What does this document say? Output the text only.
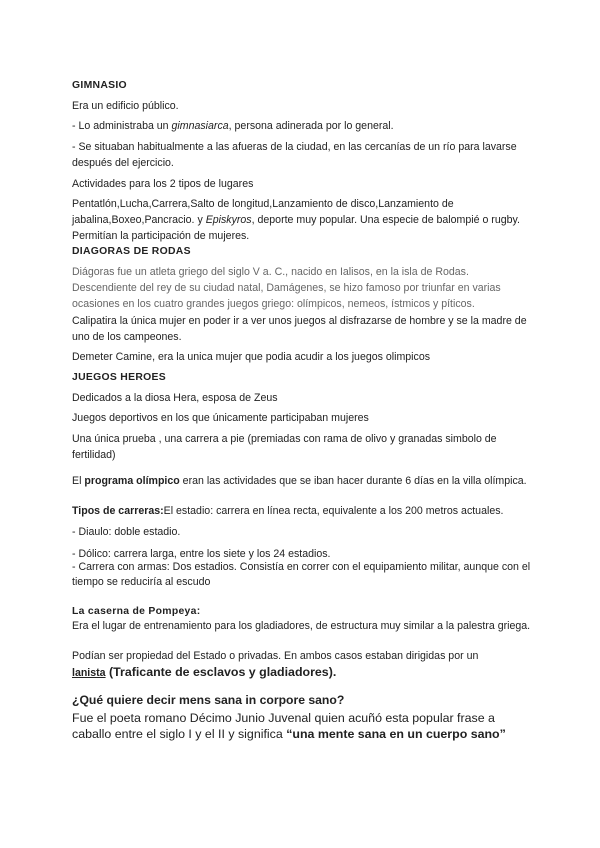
GIMNASIO
Era un edificio público.
- Lo administraba un gimnasiarca, persona adinerada por lo general.
- Se situaban habitualmente a las afueras de la ciudad, en las cercanías de un río para lavarse después del ejercicio.
Actividades para los 2 tipos de lugares
Pentatlón,Lucha,Carrera,Salto de longitud,Lanzamiento de disco,Lanzamiento de jabalina,Boxeo,Pancracio. y Episkyros, deporte muy popular. Una especie de balompié o rugby. Permitían la participación de mujeres.
DIAGORAS DE RODAS
Diágoras fue un atleta griego del siglo V a. C., nacido en Ialisos, en la isla de Rodas. Descendiente del rey de su ciudad natal, Damágenes, se hizo famoso por triunfar en varias ocasiones en los cuatro grandes juegos griego: olímpicos, nemeos, ístmicos y píticos.
Calipatira la única mujer en poder ir a ver unos juegos al disfrazarse de hombre y se la madre de uno de los campeones.
Demeter Camine, era la unica mujer que podia acudir a los juegos olimpicos
JUEGOS HEROES
Dedicados a la diosa Hera, esposa de Zeus
Juegos deportivos en los que únicamente participaban mujeres
Una única prueba , una carrera a pie (premiadas con rama de olivo y granadas simbolo de fertilidad)
El programa olímpico eran las actividades que se iban hacer durante 6 días en la villa olímpica.
Tipos de carreras:El estadio: carrera en línea recta, equivalente a los 200 metros actuales.
- Diaulo: doble estadio.
- Dólico: carrera larga, entre los siete y los 24 estadios.
- Carrera con armas: Dos estadios. Consistía en correr con el equipamiento militar, aunque con el tiempo se reduciría al escudo
La caserna de Pompeya:
Era el lugar de entrenamiento para los gladiadores, de estructura muy similar a la palestra griega.
Podían ser propiedad del Estado o privadas. En ambos casos estaban dirigidas por un
lanista (Traficante de esclavos y gladiadores).
¿Qué quiere decir mens sana in corpore sano?
Fue el poeta romano Décimo Junio Juvenal quien acuñó esta popular frase a caballo entre el siglo I y el II y significa “una mente sana en un cuerpo sano”
